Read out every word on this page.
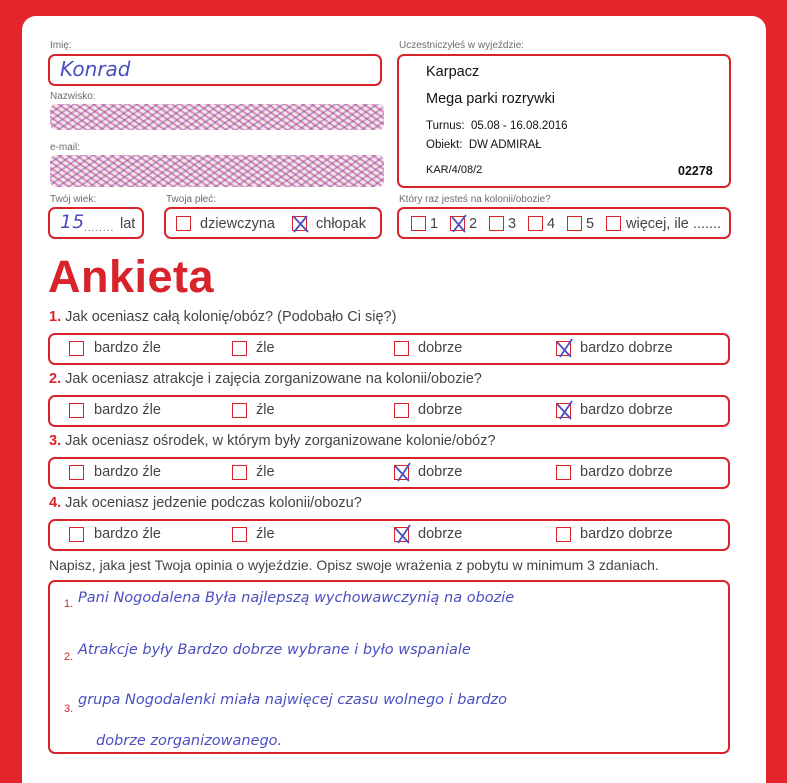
Imię:
Konrad
Nazwisko:
e-mail:
Twój wiek:
15 ........ lat
Twoja płeć:
dziewczyna	chłopak
Uczestniczyłeś w wyjeździe:
Karpacz
Mega parki rozrywki
Turnus: 05.08 - 16.08.2016
Obiekt: DW ADMIRAŁ
KAR/4/08/2	02278
Który raz jesteś na kolonii/obozie?
1 2 3 4 5 więcej, ile .......
Ankieta
1. Jak oceniasz całą kolonię/obóz? (Podobało Ci się?)
bardzo źle	źle	dobrze	bardzo dobrze
2. Jak oceniasz atrakcje i zajęcia zorganizowane na kolonii/obozie?
bardzo źle	źle	dobrze	bardzo dobrze
3. Jak oceniasz ośrodek, w którym były zorganizowane kolonie/obóz?
bardzo źle	źle	dobrze	bardzo dobrze
4. Jak oceniasz jedzenie podczas kolonii/obozu?
bardzo źle	źle	dobrze	bardzo dobrze
Napisz, jaka jest Twoja opinia o wyjeździe. Opisz swoje wrażenia z pobytu w minimum 3 zdaniach.
1.
2.
3.
Pani Nogodalena Była najlepszą wychowawczynią na obozie
Atrakcje były Bardzo dobrze wybrane i było wspaniale
grupa Nogodalenki miała najwięcej czasu wolnego i bardzo
dobrze zorganizowanego.
